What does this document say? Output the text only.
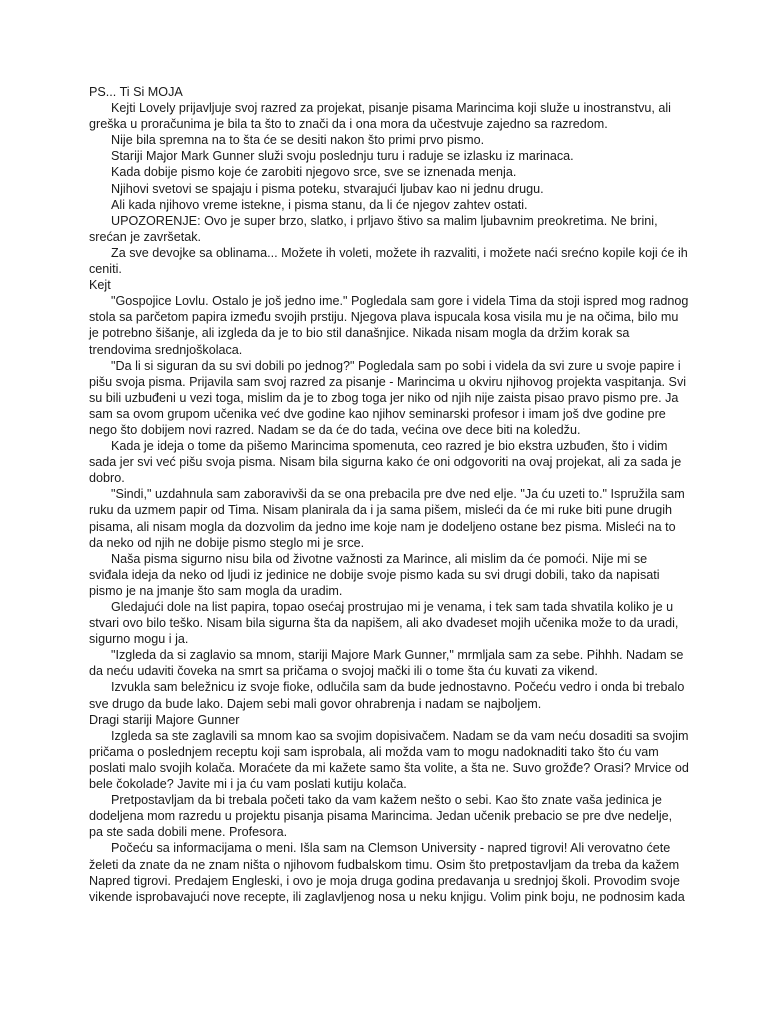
PS... Ti Si MOJA

Kejti Lovely prijavljuje svoj razred za projekat, pisanje pisama Marincima koji služe u inostranstvu, ali greška u proračunima je bila ta što to znači da i ona mora da učestvuje zajedno sa razredom.

Nije bila spremna na to šta će se desiti nakon što primi prvo pismo.

Stariji Major Mark Gunner služi svoju poslednju turu i raduje se izlasku iz marinaca.

Kada dobije pismo koje će zarobiti njegovo srce, sve se iznenada menja.

Njihovi svetovi se spajaju i pisma poteku, stvarajući ljubav kao ni jednu drugu.

Ali kada njihovo vreme istekne, i pisma stanu, da li će njegov zahtev ostati.

UPOZORENJE: Ovo je super brzo, slatko, i prljavo štivo sa malim ljubavnim preokretima. Ne brini, srećan je završetak.

Za sve devojke sa oblinama... Možete ih voleti, možete ih razvaliti, i možete naći srećno kopile koji će ih ceniti.

Kejt

"Gospojice Lovlu. Ostalo je još jedno ime." Pogledala sam gore i videla Tima da stoji ispred mog radnog stola sa parčetom papira između svojih prstiju. Njegova plava ispucala kosa visila mu je na očima, bilo mu je potrebno šišanje, ali izgleda da je to bio stil današnjice. Nikada nisam mogla da držim korak sa trendovima srednjoškolaca.

"Da li si siguran da su svi dobili po jednog?" Pogledala sam po sobi i videla da svi zure u svoje papire i pišu svoja pisma. Prijavila sam svoj razred za pisanje - Marincima u okviru njihovog projekta vaspitanja. Svi su bili uzbuđeni u vezi toga, mislim da je to zbog toga jer niko od njih nije zaista pisao pravo pismo pre. Ja sam sa ovom grupom učenika već dve godine kao njihov seminarski profesor i imam još dve godine pre nego što dobijem novi razred. Nadam se da će do tada, većina ove dece biti na koledžu.

Kada je ideja o tome da pišemo Marincima spomenuta, ceo razred je bio ekstra uzbuđen, što i vidim sada jer svi već pišu svoja pisma. Nisam bila sigurna kako će oni odgovoriti na ovaj projekat, ali za sada je dobro.

"Sindi," uzdahnula sam zaboravivši da se ona prebacila pre dve ned elje. "Ja ću uzeti to." Ispružila sam ruku da uzmem papir od Tima. Nisam planirala da i ja sama pišem, misleći da će mi ruke biti pune drugih pisama, ali nisam mogla da dozvolim da jedno ime koje nam je dodeljeno ostane bez pisma. Misleći na to da neko od njih ne dobije pismo steglo mi je srce.

Naša pisma sigurno nisu bila od životne važnosti za Marince, ali mislim da će pomoći. Nije mi se sviđala ideja da neko od ljudi iz jedinice ne dobije svoje pismo kada su svi drugi dobili, tako da napisati pismo je na jmanje što sam mogla da uradim.

Gledajući dole na list papira, topao osećaj prostrujao mi je venama, i tek sam tada shvatila koliko je u stvari ovo bilo teško. Nisam bila sigurna šta da napišem, ali ako dvadeset mojih učenika može to da uradi, sigurno mogu i ja.

"Izgleda da si zaglavio sa mnom, stariji Majore Mark Gunner," mrmljala sam za sebe. Pihhh. Nadam se da neću udaviti čoveka na smrt sa pričama o svojoj mački ili o tome šta ću kuvati za vikend.

Izvukla sam beležnicu iz svoje fioke, odlučila sam da bude jednostavno. Počeću vedro i onda bi trebalo sve drugo da bude lako. Dajem sebi mali govor ohrabrenja i nadam se najboljem.

Dragi stariji Majore Gunner

Izgleda sa ste zaglavili sa mnom kao sa svojim dopisivačem. Nadam se da vam neću dosaditi sa svojim pričama o poslednjem receptu koji sam isprobala, ali možda vam to mogu nadoknaditi tako što ću vam poslati malo svojih kolača. Moraćete da mi kažete samo šta volite, a šta ne. Suvo grožđe? Orasi? Mrvice od bele čokolade? Javite mi i ja ću vam poslati kutiju kolača.

Pretpostavljam da bi trebala početi tako da vam kažem nešto o sebi. Kao što znate vaša jedinica je dodeljena mom razredu u projektu pisanja pisama Marincima. Jedan učenik prebacio se pre dve nedelje, pa ste sada dobili mene. Profesora.

Počeću sa informacijama o meni. Išla sam na Clemson University - napred tigrovi! Ali verovatno ćete želeti da znate da ne znam ništa o njihovom fudbalskom timu. Osim što pretpostavljam da treba da kažem Napred tigrovi. Predajem Engleski, i ovo je moja druga godina predavanja u srednjoj školi. Provodim svoje vikende isprobavajući nove recepte, ili zaglavljenog nosa u neku knjigu. Volim pink boju, ne podnosim kada
